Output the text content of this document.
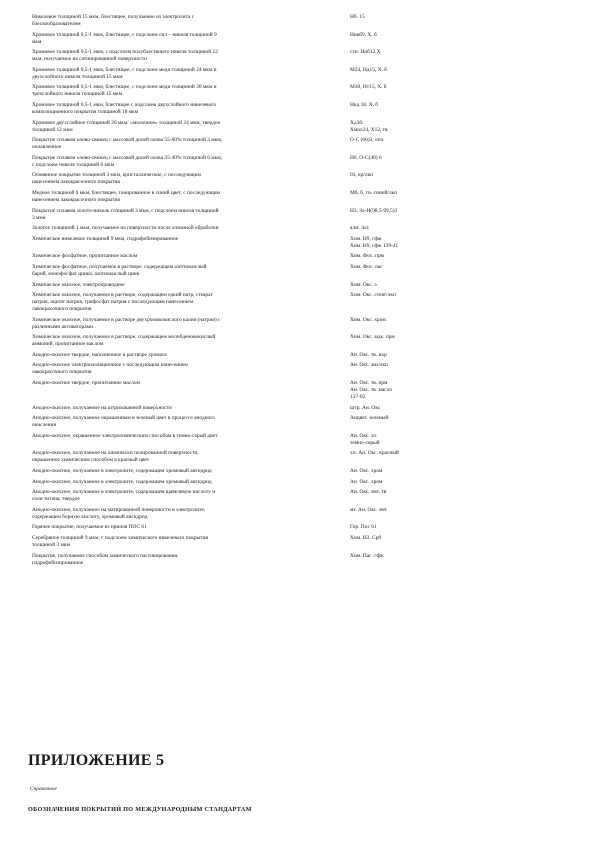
Никелевое толщиной 15 мкм, блестящее, получаемое из электролита с
блескообразователем	Нб. 15
Хромовое толщиной 0,5-1 мкм, блестящее, с подслоем сил – никеля толщиной 9
мкм	Никб9, Х. б
Хромовое толщиной 0,5-1 мкм, с подслоем полублестящего никеля толщиной 12
мкм, получаемое на сатинированной поверхности	стн. Нпб12.Х
Хромовое толщиной 0,5-1 мкм, блестящее, с подслоем меди толщиной 24 мкм и
двухслойного никеля толщиной 15 мкм	М24, Нд15, Х. б
Хромовое толщиной 0,5-1 мкм, блестящее, с подслоем меди толщиной 30 мкм и
трехслойного никеля толщиной 15 мкм	М30, Нт15, Х. б
Хромовое толщиной 0,5-1 мкм, блестящее с подслоем двухслойного никелевого
композиционного покрытия толщиной 18 мкм	Нкд 18, Х. б
Хромовое двухслойное толщиной 36 мкм: «молочное» толщиной 24 мкм, твердое
толщиной 12 мкм	Хд36:
Хмол24, Х12, тв
Покрытие сплавом олово-свинец с массовой долей олова 55-60% толщиной 3 мкм,
оплавленное	О-С (60)3, опл.
Покрытие сплавом олово-свинец с массовой долей олова 35-40% толщиной 6 мкм,
с подслоем никеля толщиной 6 мкм	Н6. О-С(40) 6
Оловянное покрытие толщиной 3 мкм, кристаллическое, с последующим
нанесением лакокрасочного покрытия	03, кр/лкп
Медное толщиной 6 мкм, блестящее, тонированное в синий цвет, с последующим
нанесением лакокрасочного покрытия	М6, б, тн. синий/лкп
Покрытие сплавом золото-никель толщиной 3 мкм, с подслоем никеля толщиной
3 мкм	Н3, Зл-Н(98,5-99,5)3
Золотое толщиной 1 мкм, получаемое на поверхности после алмазной обработки	алм. Зл1
Химическое никелевое толщиной 9 мкм, гидрофобизированное	Хим. Н9, гфж
Хим. Н9, гфж 139-41
Химическое фосфатное, пропитанное маслом	Хим. Фос. прм
Химическое фосфатное, получаемое в растворе, содержащем азотнокислый
барий, монофосфат цинка, азотнокислый цинк	Хим. Фос. окс
Химическое окисное, электропроводное	Хим. Окс. э
Химическое окисное, получаемое в растворе, содержащем едкий натр, стеарат
натрия, ацетат натрия, трифосфат натрия с последующим нанесением
лакокрасочного покрытия	Хим. Окс. стеат/лкп
Химическое окисное, получаемое в растворе двухромовокислого калия (натрия) с
различными активаторами	Хим. Окс. хром
Химическое окисное, получаемое в растворе, содержащем молибденовокислый
аммоний, пропитанное маслом	Хим. Окс. мдк. прм
Анодно-окисное твердое, наполненное в растворе хромата	Ан. Окс. тв. нхр
Анодно-окисное электроизоляционное с последующим нанесением
лакокрасочного покрытия	Ан. Окс. эиз/лкп
Анодно-окисное твердое, пропитанное маслом	Ан. Окс. тв. прм
Ан. Окс. тв. масло
137-02
Анодно-окисное, получаемое на штрихованной поверхности	штр. Ан. Окс
Анодно-окисное, получаемое окрашенным в зеленый цвет в процессе анодного
окисления	Анцвет. зеленый
Анодно-окисное, окрашенное электрохимическим способом в темно-серый цвет	Ан. Окс. эл.
темно-серый
Анодно-окисное, получаемое на химически полированной поверхности,
окрашенное химическим способом в красный цвет	хп. Ан. Окс. красный
Анодно-окисное, получаемое в электролите, содержащем хромовый ангидрид	Ан. Окс. хром
Анодно-окисное, получаемое в электролите, содержащем хромовый ангидрид	Ан. Окс. хром
Анодно-окисное, получаемое в электролите, содержащем щавелевую кислоту и
соли титана, твердое	Ан. Окс. эмт. тв
Анодно-окисное, получаемое на матированной поверхности в электролите,
содержащем борную кислоту, хромовый ангидрид	мт. Ан. Окс. эмт
Горячее покрытие, получаемое из припоя ПОС 61	Гор. Пос 61
Серебряное толщиной 9 мкм, с подслоем химического никелевого покрытия
толщиной 3 мкм	Хим. Н3. Ср9
Покрытие, получаемое способом химического пассивирования,
гидрофобизированное	Хим. Пас. гфж
ПРИЛОЖЕНИЕ 5
Справочное
ОБОЗНАЧЕНИЯ ПОКРЫТИЙ ПО МЕЖДУНАРОДНЫМ СТАНДАРТАМ
